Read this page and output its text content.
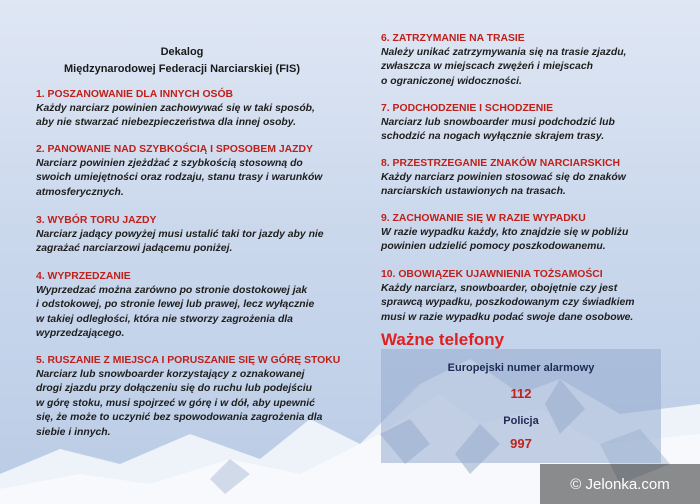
Dekalog
Międzynarodowej Federacji Narciarskiej (FIS)
1. POSZANOWANIE DLA INNYCH OSÓB

Każdy narciarz powinien zachowywać się w taki sposób,
aby nie stwarzać niebezpieczeństwa dla innej osoby.

2. PANOWANIE NAD SZYBKOŚCIĄ I SPOSOBEM JAZDY

Narciarz powinien zjeżdżać z szybkością stosowną do
swoich umiejętności oraz rodzaju, stanu trasy i warunków
atmosferycznych.

3. WYBÓR TORU JAZDY

Narciarz jadący powyżej musi ustalić taki tor jazdy aby nie
zagrażać narciarzowi jadącemu poniżej.

4. WYPRZEDZANIE

Wyprzedzać można zarówno po stronie dostokowej jak
i odstokowej, po stronie lewej lub prawej, lecz wyłącznie
w takiej odległości, która nie stworzy zagrożenia dla
wyprzedzającego.

5. RUSZANIE Z MIEJSCA I PORUSZANIE SIĘ W GÓRĘ STOKU

Narciarz lub snowboarder korzystający z oznakowanej
drogi zjazdu przy dołączeniu się do ruchu lub podejściu
w górę stoku, musi spojrzeć w górę i w dół, aby upewnić
się, że może to uczynić bez spowodowania zagrożenia dla
siebie i innych.

6. ZATRZYMANIE NA TRASIE

Należy unikać zatrzymywania się na trasie zjazdu,
zwłaszcza w miejscach zwężeń i miejscach
o ograniczonej widoczności.

7. PODCHODZENIE I SCHODZENIE

Narciarz lub snowboarder musi podchodzić lub
schodzić na nogach wyłącznie skrajem trasy.

8. PRZESTRZEGANIE ZNAKÓW NARCIARSKICH

Każdy narciarz powinien stosować się do znaków
narciarskich ustawionych na trasach.

9. ZACHOWANIE SIĘ W RAZIE WYPADKU

W razie wypadku każdy, kto znajdzie się w pobliżu
powinien udzielić pomocy poszkodowanemu.

10. OBOWIĄZEK UJAWNIENIA TOŻSAMOŚCI

Każdy narciarz, snowboarder, obojętnie czy jest
sprawcą wypadku, poszkodowanym czy świadkiem
musi w razie wypadku podać swoje dane osobowe.

Ważne telefony
Europejski numer alarmowy
112
Policja
997
© Jelonka.com
